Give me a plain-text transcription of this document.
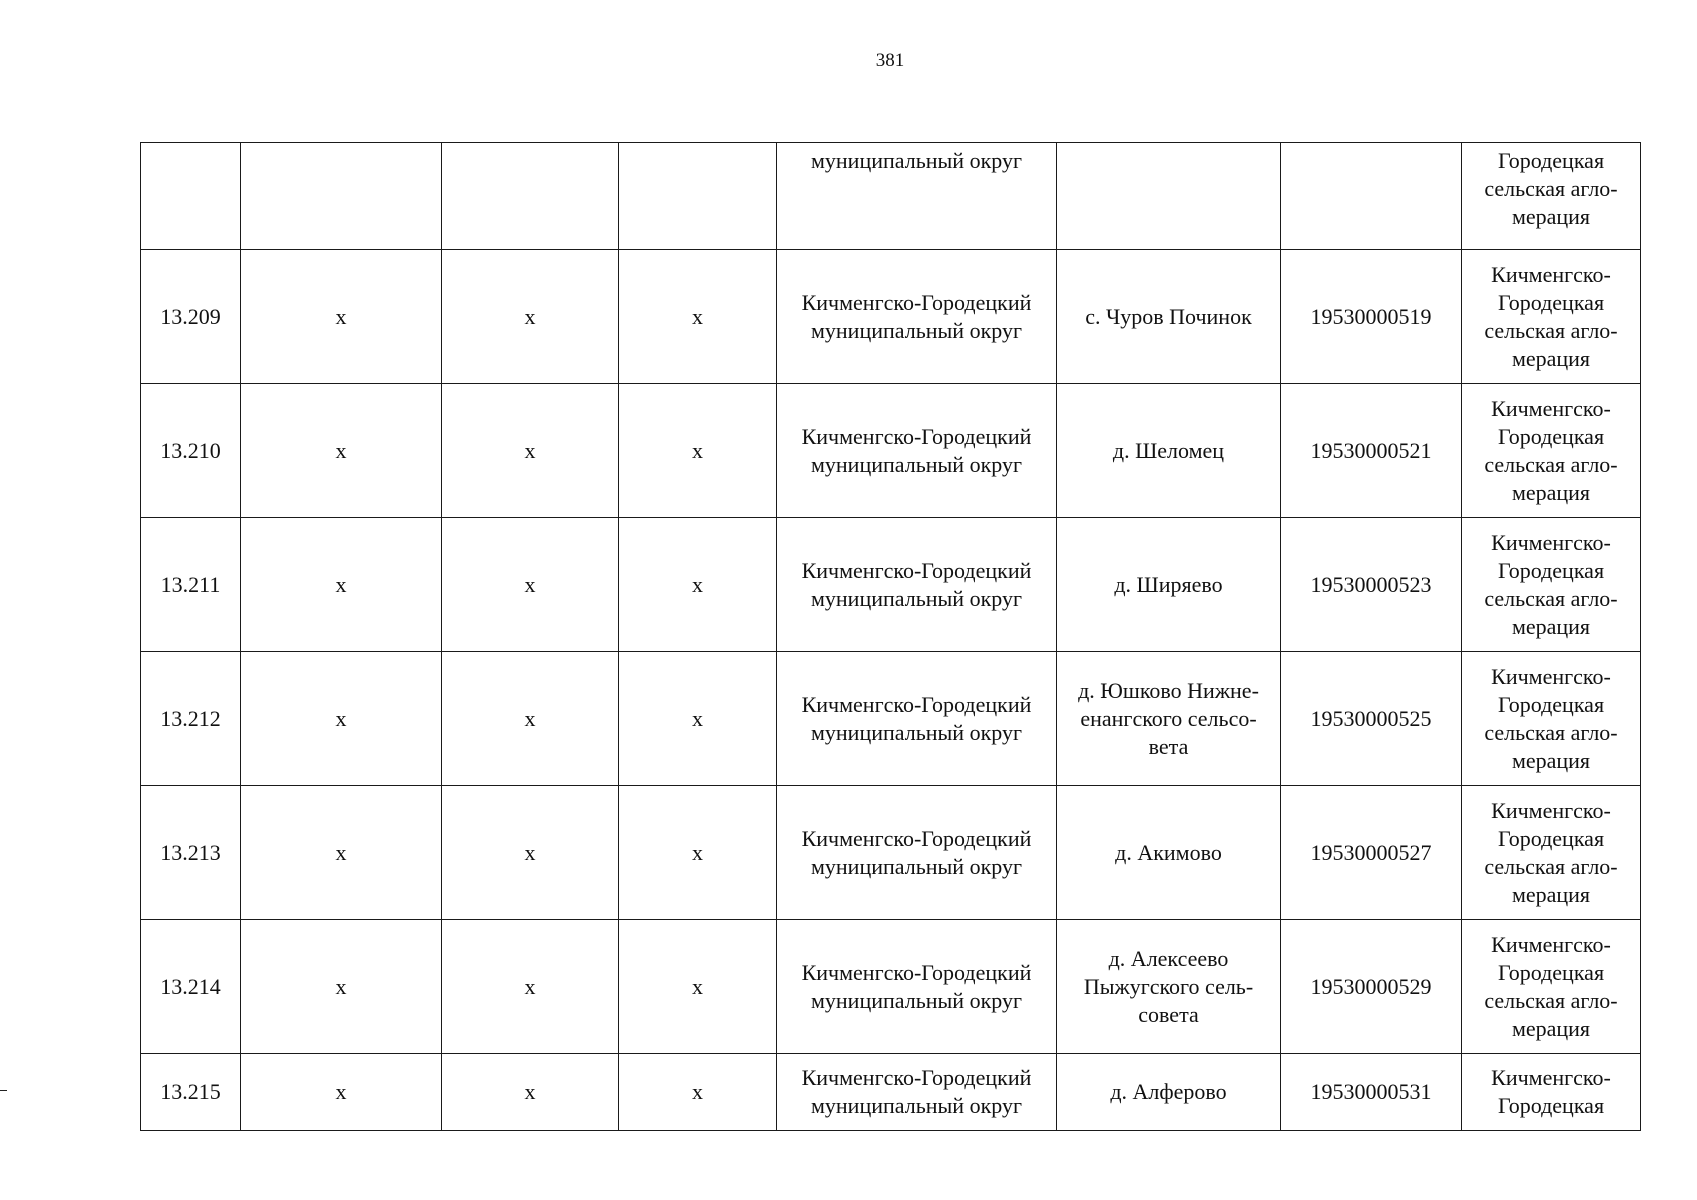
381
				муниципальный округ			Городецкая
сельская агло-
мерация

13.209	х	х	х	Кичменгско-Городецкий
муниципальный округ	с. Чуров Починок	19530000519	Кичменгско-
Городецкая
сельская агло-
мерация

13.210	х	х	х	Кичменгско-Городецкий
муниципальный округ	д. Шеломец	19530000521	Кичменгско-
Городецкая
сельская агло-
мерация

13.211	х	х	х	Кичменгско-Городецкий
муниципальный округ	д. Ширяево	19530000523	Кичменгско-
Городецкая
сельская агло-
мерация

13.212	х	х	х	Кичменгско-Городецкий
муниципальный округ	д. Юшково Нижне-
енангского сельсо-
вета	19530000525	Кичменгско-
Городецкая
сельская агло-
мерация

13.213	х	х	х	Кичменгско-Городецкий
муниципальный округ	д. Акимово	19530000527	Кичменгско-
Городецкая
сельская агло-
мерация

13.214	х	х	х	Кичменгско-Городецкий
муниципальный округ	д. Алексеево
Пыжугского сель-
совета	19530000529	Кичменгско-
Городецкая
сельская агло-
мерация

13.215	х	х	х	Кичменгско-Городецкий
муниципальный округ	д. Алферово	19530000531	Кичменгско-
Городецкая
